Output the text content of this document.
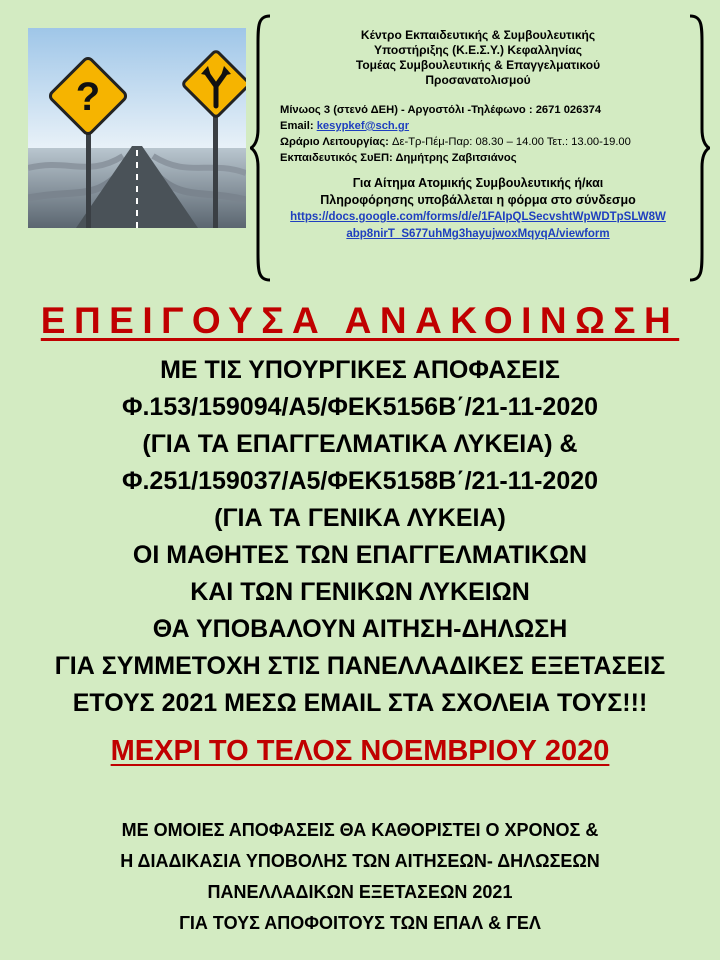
?

Κέντρο Εκπαιδευτικής & Συμβουλευτικής

Υποστήριξης (Κ.Ε.Σ.Υ.) Κεφαλληνίας

Τομέας Συμβουλευτικής & Επαγγελματικού

Προσανατολισμού

Μίνωος 3 (στενό ΔΕΗ) - Αργοστόλι -Τηλέφωνο : 2671 026374

Email: kesypkef@sch.gr

Ωράριο Λειτουργίας: Δε-Τρ-Πέμ-Παρ: 08.30 – 14.00 Τετ.: 13.00-19.00

Εκπαιδευτικός ΣυΕΠ: Δημήτρης Ζαβιτσιάνος

Για Αίτημα Ατομικής Συμβουλευτικής ή/και
Πληροφόρησης υποβάλλεται η φόρμα στο σύνδεσμο
https://docs.google.com/forms/d/e/1FAIpQLSecvshtWpWDTpSLW8W
abp8nirT_S677uhMg3hayujwoxMqyqA/viewform
ΕΠΕΙΓΟΥΣΑ ΑΝΑΚΟΙΝΩΣΗ
ΜΕ ΤΙΣ ΥΠΟΥΡΓΙΚΕΣ ΑΠΟΦΑΣΕΙΣ
Φ.153/159094/Α5/ΦΕΚ5156Β΄/21-11-2020
(ΓΙΑ ΤΑ ΕΠΑΓΓΕΛΜΑΤΙΚΑ ΛΥΚΕΙΑ) &
Φ.251/159037/Α5/ΦΕΚ5158Β΄/21-11-2020
(ΓΙΑ ΤΑ ΓΕΝΙΚΑ ΛΥΚΕΙΑ)
ΟΙ ΜΑΘΗΤΕΣ ΤΩΝ ΕΠΑΓΓΕΛΜΑΤΙΚΩΝ
ΚΑΙ ΤΩΝ ΓΕΝΙΚΩΝ ΛΥΚΕΙΩΝ
ΘΑ ΥΠΟΒΑΛΟΥΝ ΑΙΤΗΣΗ-ΔΗΛΩΣΗ
ΓΙΑ ΣΥΜΜΕΤΟΧΗ ΣΤΙΣ ΠΑΝΕΛΛΑΔΙΚΕΣ ΕΞΕΤΑΣΕΙΣ
ΕΤΟΥΣ 2021 ΜΕΣΩ EMAIL ΣΤΑ ΣΧΟΛΕΙΑ ΤΟΥΣ!!!
ΜΕΧΡΙ ΤΟ ΤΕΛΟΣ ΝΟΕΜΒΡΙΟΥ 2020
ΜΕ ΟΜΟΙΕΣ ΑΠΟΦΑΣΕΙΣ ΘΑ ΚΑΘΟΡΙΣΤΕΙ Ο ΧΡΟΝΟΣ &
Η ΔΙΑΔΙΚΑΣΙΑ ΥΠΟΒΟΛΗΣ ΤΩΝ ΑΙΤΗΣΕΩΝ- ΔΗΛΩΣΕΩΝ
ΠΑΝΕΛΛΑΔΙΚΩΝ ΕΞΕΤΑΣΕΩΝ 2021
ΓΙΑ ΤΟΥΣ ΑΠΟΦΟΙΤΟΥΣ ΤΩΝ ΕΠΑΛ & ΓΕΛ
